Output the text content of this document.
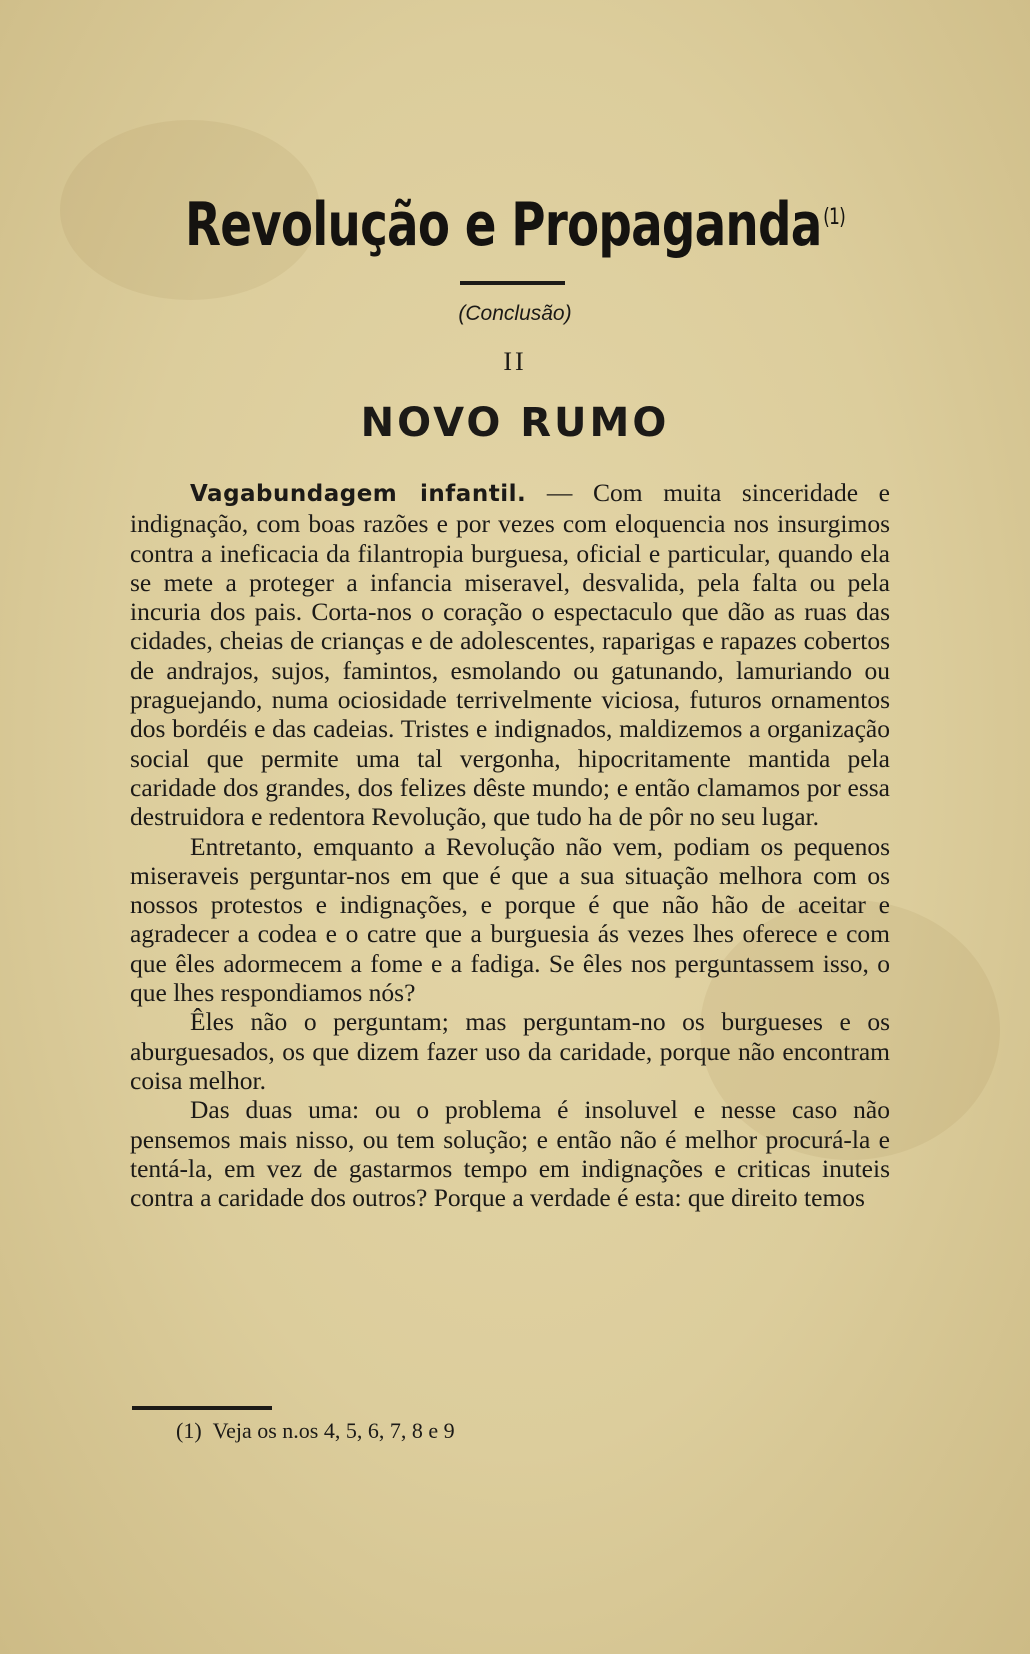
Revolução e Propaganda$^{(1)}$
(Conclusão)
II
NOVO RUMO

Vagabundagem infantil. — Com muita sinceridade e indignação, com boas razões e por vezes com eloquencia nos insurgimos contra a ineficacia da filantropia burguesa, oficial e particular, quando ela se mete a proteger a infancia miseravel, desvalida, pela falta ou pela incuria dos pais. Corta-nos o coração o espectaculo que dão as ruas das cidades, cheias de crianças e de adolescentes, raparigas e rapazes cobertos de andrajos, sujos, famintos, esmolando ou gatunando, lamuriando ou praguejando, numa ociosidade terrivelmente viciosa, futuros ornamentos dos bordéis e das cadeias. Tristes e indignados, maldizemos a organização social que permite uma tal vergonha, hipocritamente mantida pela caridade dos grandes, dos felizes dêste mundo; e então clamamos por essa destruidora e redentora Revolução, que tudo ha de pôr no seu lugar.

Entretanto, emquanto a Revolução não vem, podiam os pequenos miseraveis perguntar-nos em que é que a sua situação melhora com os nossos protestos e indignações, e porque é que não hão de aceitar e agradecer a codea e o catre que a burguesia ás vezes lhes oferece e com que êles adormecem a fome e a fadiga. Se êles nos perguntassem isso, o que lhes respondiamos nós?

Êles não o perguntam; mas perguntam-no os burgueses e os aburguesados, os que dizem fazer uso da caridade, porque não encontram coisa melhor.

Das duas uma: ou o problema é insoluvel e nesse caso não pensemos mais nisso, ou tem solução; e então não é melhor procurá-la e tentá-la, em vez de gastarmos tempo em indignações e criticas inuteis contra a caridade dos outros? Porque a verdade é esta: que direito temos

(1) Veja os n.os 4, 5, 6, 7, 8 e 9
